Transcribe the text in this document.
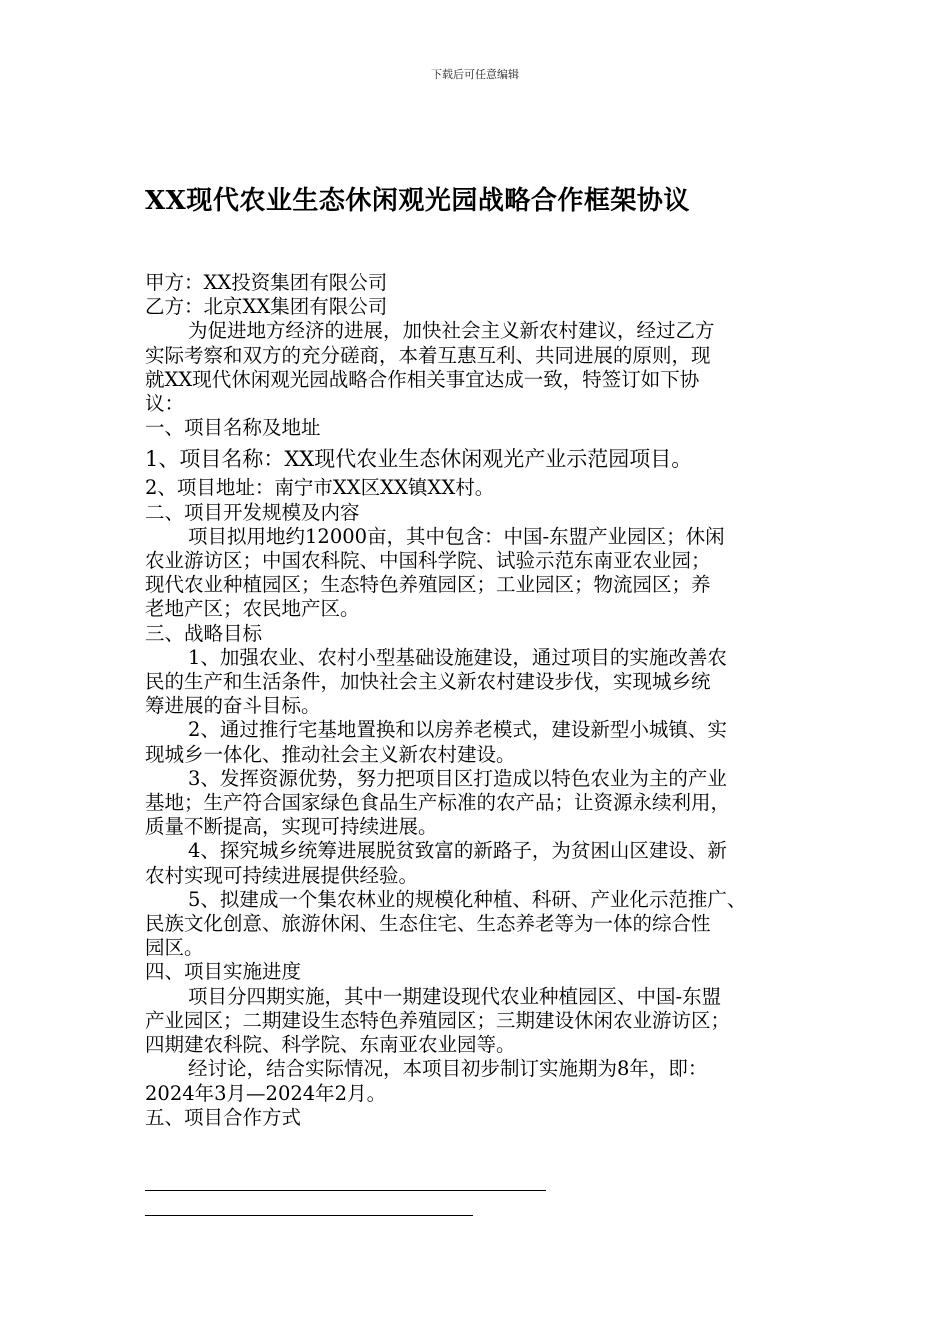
下载后可任意编辑
XX现代农业生态休闲观光园战略合作框架协议

甲方：XX投资集团有限公司

乙方：北京XX集团有限公司

为促进地方经济的进展，加快社会主义新农村建议，经过乙方

实际考察和双方的充分磋商，本着互惠互利、共同进展的原则，现

就XX现代休闲观光园战略合作相关事宜达成一致，特签订如下协

议：

一、项目名称及地址

1、项目名称：XX现代农业生态休闲观光产业示范园项目。

2、项目地址：南宁市XX区XX镇XX村。

二、项目开发规模及内容

项目拟用地约12000亩，其中包含：中国-东盟产业园区；休闲

农业游访区；中国农科院、中国科学院、试验示范东南亚农业园；

现代农业种植园区；生态特色养殖园区；工业园区；物流园区；养

老地产区；农民地产区。

三、战略目标

1、加强农业、农村小型基础设施建设，通过项目的实施改善农

民的生产和生活条件，加快社会主义新农村建设步伐，实现城乡统

筹进展的奋斗目标。

2、通过推行宅基地置换和以房养老模式，建设新型小城镇、实

现城乡一体化、推动社会主义新农村建设。

3、发挥资源优势，努力把项目区打造成以特色农业为主的产业

基地；生产符合国家绿色食品生产标准的农产品；让资源永续利用，

质量不断提高，实现可持续进展。

4、探究城乡统筹进展脱贫致富的新路子，为贫困山区建设、新

农村实现可持续进展提供经验。

5、拟建成一个集农林业的规模化种植、科研、产业化示范推广、

民族文化创意、旅游休闲、生态住宅、生态养老等为一体的综合性

园区。

四、项目实施进度

项目分四期实施，其中一期建设现代农业种植园区、中国-东盟

产业园区；二期建设生态特色养殖园区；三期建设休闲农业游访区；

四期建农科院、科学院、东南亚农业园等。

经讨论，结合实际情况，本项目初步制订实施期为8年，即：

2024年3月—2024年2月。

五、项目合作方式
